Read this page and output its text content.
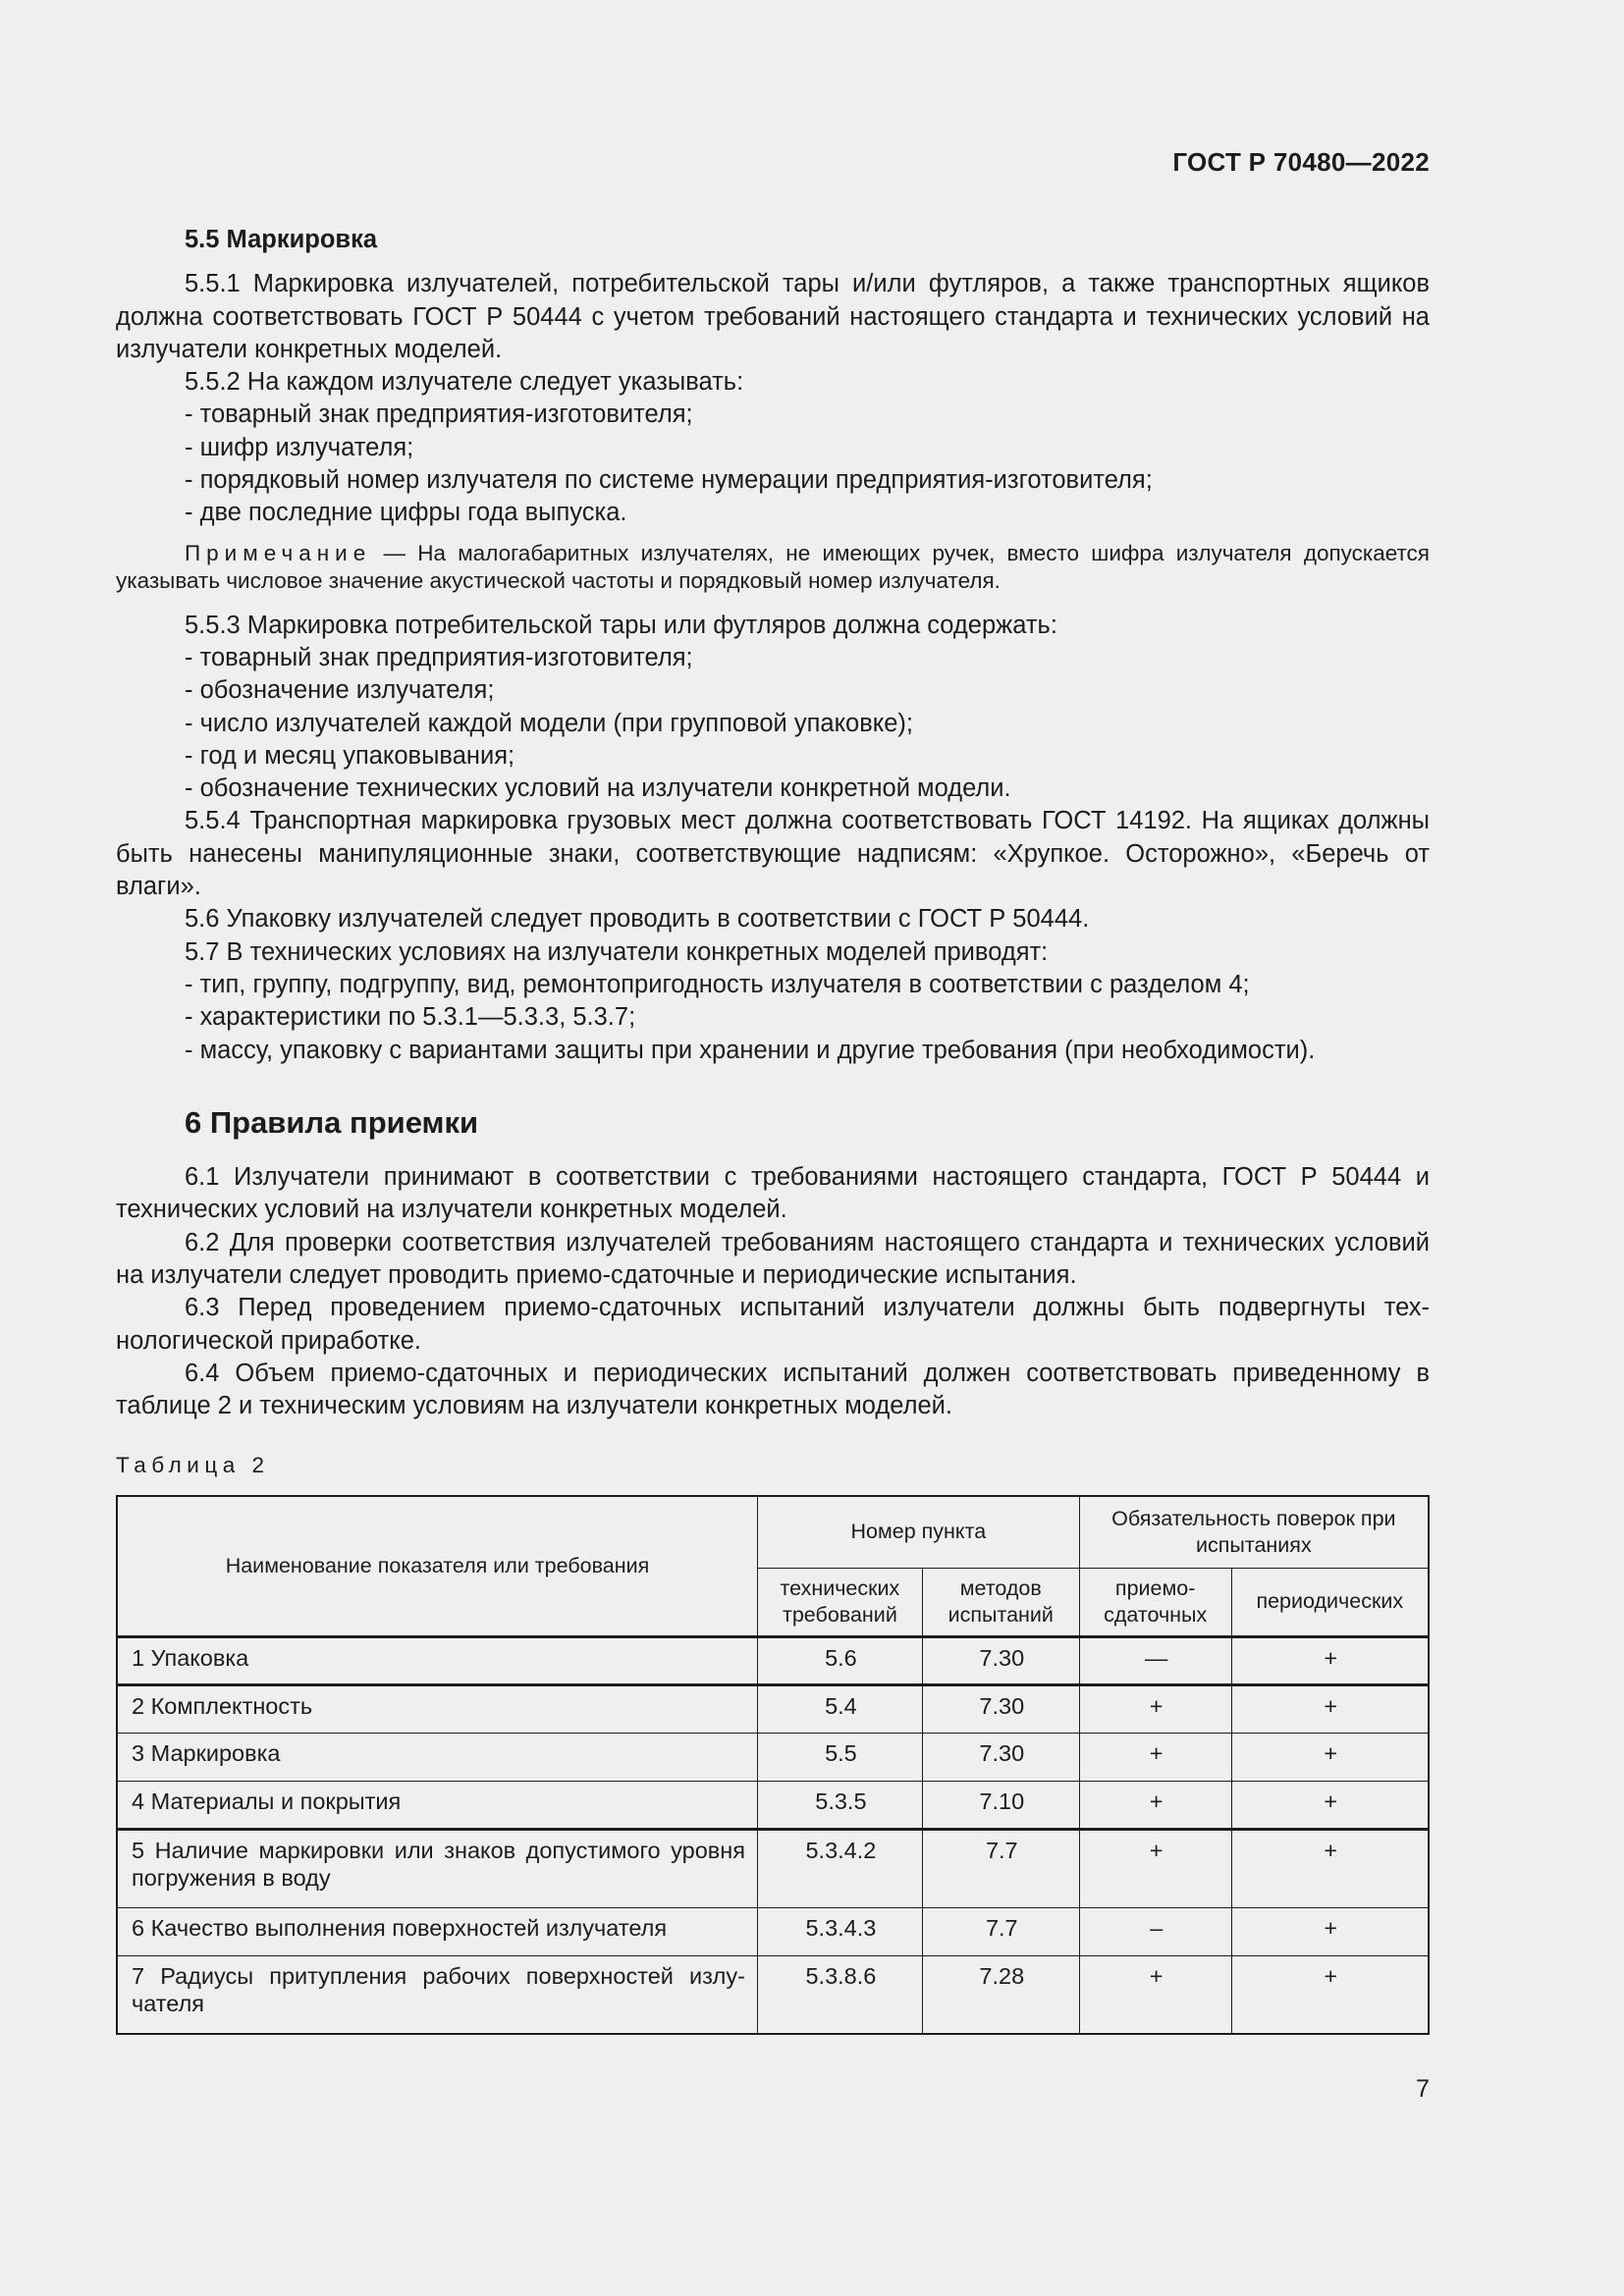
ГОСТ Р 70480—2022

5.5 Маркировка

5.5.1 Маркировка излучателей, потребительской тары и/или футляров, а также транспортных ящиков должна соответствовать ГОСТ Р 50444 с учетом требований настоящего стандарта и технических условий на излучатели конкретных моделей.

5.5.2 На каждом излучателе следует указывать:

- товарный знак предприятия-изготовителя;

- шифр излучателя;

- порядковый номер излучателя по системе нумерации предприятия-изготовителя;

- две последние цифры года выпуска.

Примечание — На малогабаритных излучателях, не имеющих ручек, вместо шифра излучателя допускается указывать числовое значение акустической частоты и порядковый номер излучателя.

5.5.3 Маркировка потребительской тары или футляров должна содержать:

- товарный знак предприятия-изготовителя;

- обозначение излучателя;

- число излучателей каждой модели (при групповой упаковке);

- год и месяц упаковывания;

- обозначение технических условий на излучатели конкретной модели.

5.5.4 Транспортная маркировка грузовых мест должна соответствовать ГОСТ 14192. На ящиках должны быть нанесены манипуляционные знаки, соответствующие надписям: «Хрупкое. Осторожно», «Беречь от влаги».

5.6 Упаковку излучателей следует проводить в соответствии с ГОСТ Р 50444.

5.7 В технических условиях на излучатели конкретных моделей приводят:

- тип, группу, подгруппу, вид, ремонтопригодность излучателя в соответствии с разделом 4;

- характеристики по 5.3.1—5.3.3, 5.3.7;

- массу, упаковку с вариантами защиты при хранении и другие требования (при необходимости).

6 Правила приемки

6.1 Излучатели принимают в соответствии с требованиями настоящего стандарта, ГОСТ Р 50444 и технических условий на излучатели конкретных моделей.

6.2 Для проверки соответствия излучателей требованиям настоящего стандарта и технических условий на излучатели следует проводить приемо-сдаточные и периодические испытания.

6.3 Перед проведением приемо-сдаточных испытаний излучатели должны быть подвергнуты технологической приработке.

6.4 Объем приемо-сдаточных и периодических испытаний должен соответствовать приведенному в таблице 2 и техническим условиям на излучатели конкретных моделей.

Таблица 2

Наименование показателя или требования	Номер пункта		Обязательность поверок при испытаниях	
	технических требований	методов испытаний	приемо-сдаточных	периодических
1 Упаковка	5.6	7.30	—	+
2 Комплектность	5.4	7.30	+	+
3 Маркировка	5.5	7.30	+	+
4 Материалы и покрытия	5.3.5	7.10	+	+
5 Наличие маркировки или знаков допустимого уровня погружения в воду	5.3.4.2	7.7	+	+
6 Качество выполнения поверхностей излучателя	5.3.4.3	7.7	–	+
7 Радиусы притупления рабочих поверхностей излучателя	5.3.8.6	7.28	+	+
7
